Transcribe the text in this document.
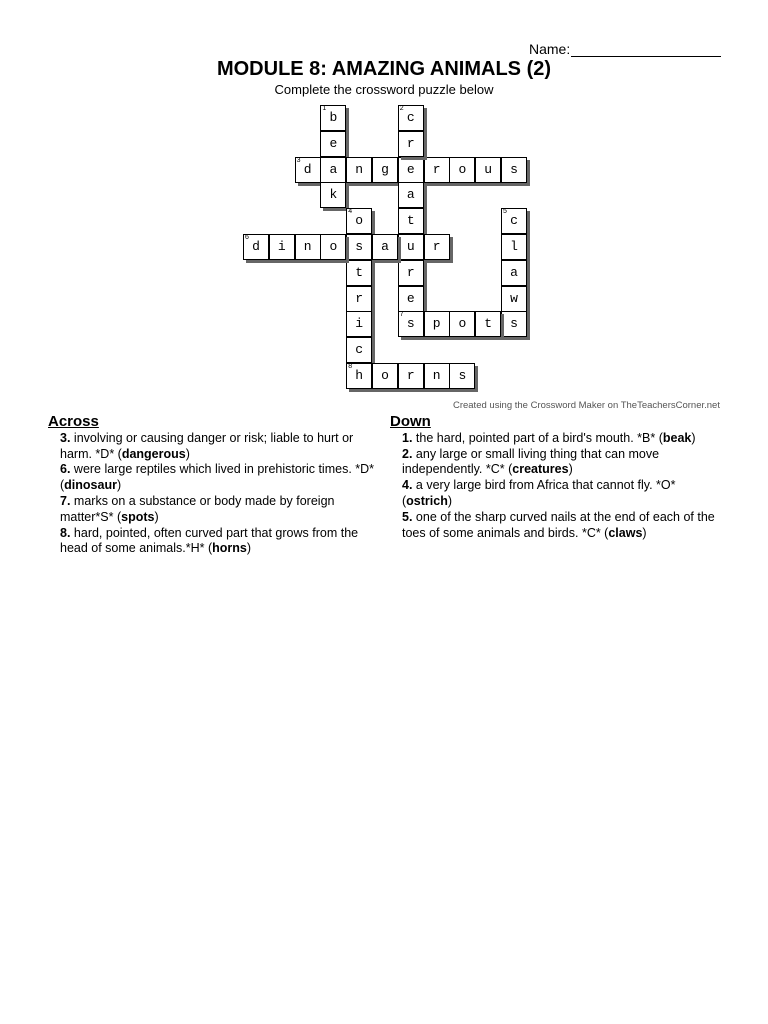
Name:
MODULE 8: AMAZING ANIMALS (2)
Complete the crossword puzzle below
1
b
e
3
d	a	n	g	e	r	o	u	s
k
2
c
r
a
t
u
r
e
7
s
4
o
s
t
r
i
c
8
h
6
d	i	n	o	a	r
5
c
l
a
w
s
p	o	t
o	r	n	s
Created using the Crossword Maker on TheTeachersCorner.net
Across

3. involving or causing danger or risk; liable to hurt or harm. *D* (dangerous)

6. were large reptiles which lived in prehistoric times. *D* (dinosaur)

7. marks on a substance or body made by foreign matter*S* (spots)

8. hard, pointed, often curved part that grows from the head of some animals.*H* (horns)

Down

1. the hard, pointed part of a bird's mouth. *B* (beak)

2. any large or small living thing that can move independently. *C* (creatures)

4. a very large bird from Africa that cannot fly. *O* (ostrich)

5. one of the sharp curved nails at the end of each of the toes of some animals and birds. *C* (claws)
